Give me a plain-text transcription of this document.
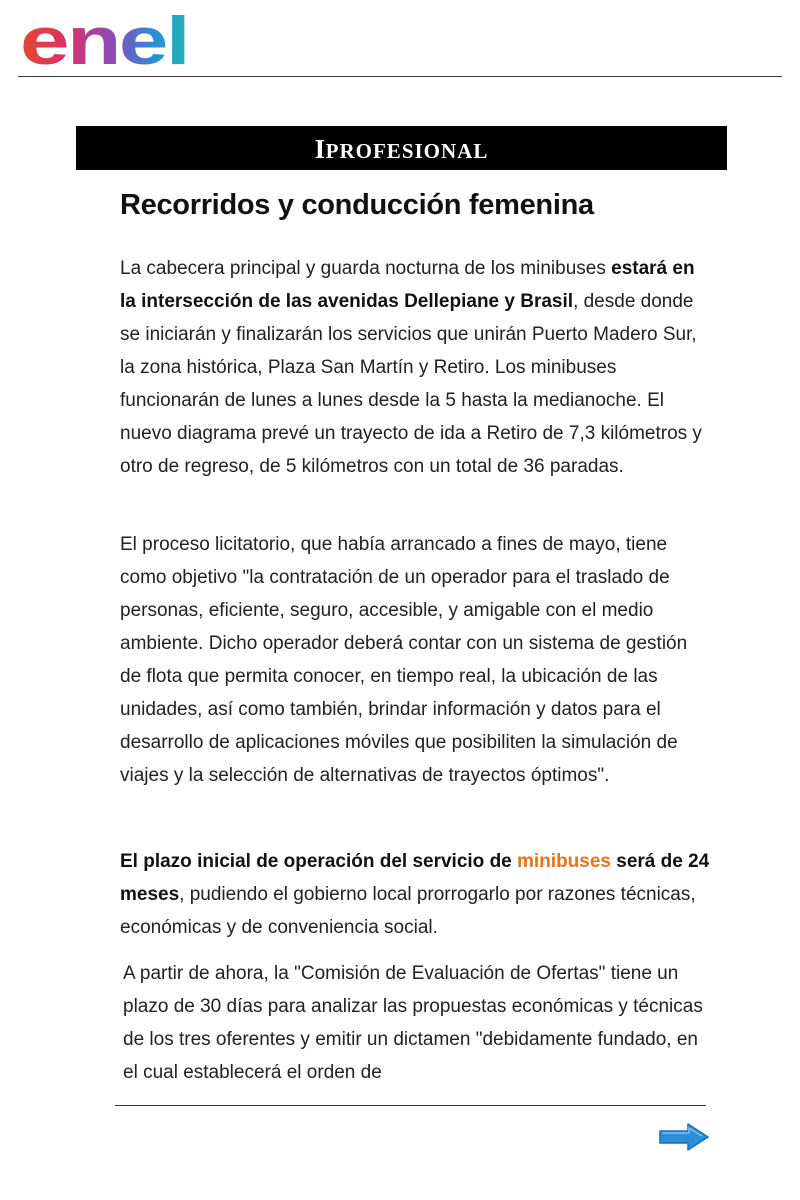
enel
IPROFESIONAL
Recorridos y conducción femenina

La cabecera principal y guarda nocturna de los minibuses estará en la intersección de las avenidas Dellepiane y Brasil, desde donde se iniciarán y finalizarán los servicios que unirán Puerto Madero Sur, la zona histórica, Plaza San Martín y Retiro. Los minibuses funcionarán de lunes a lunes desde la 5 hasta la medianoche. El nuevo diagrama prevé un trayecto de ida a Retiro de 7,3 kilómetros y otro de regreso, de 5 kilómetros con un total de 36 paradas.

El proceso licitatorio, que había arrancado a fines de mayo, tiene como objetivo "la contratación de un operador para el traslado de personas, eficiente, seguro, accesible, y amigable con el medio ambiente. Dicho operador deberá contar con un sistema de gestión de flota que permita conocer, en tiempo real, la ubicación de las unidades, así como también, brindar información y datos para el desarrollo de aplicaciones móviles que posibiliten la simulación de viajes y la selección de alternativas de trayectos óptimos".

El plazo inicial de operación del servicio de minibuses será de 24 meses, pudiendo el gobierno local prorrogarlo por razones técnicas, económicas y de conveniencia social.

A partir de ahora, la "Comisión de Evaluación de Ofertas" tiene un plazo de 30 días para analizar las propuestas económicas y técnicas de los tres oferentes y emitir un dictamen "debidamente fundado, en el cual establecerá el orden de
